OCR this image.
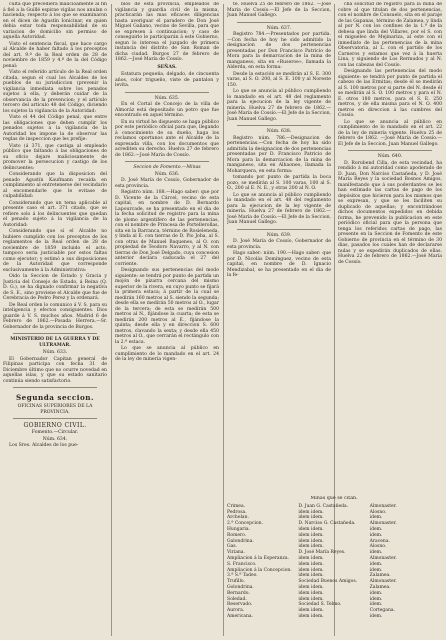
culta que precediera malicioamente al fin á fiel a la Guillé espirae vigilas nos anulan o hacienda; respecto á los que se examinaron en el dicen de Agustín Ionicinar, en quien debia estar toda responsabilidad de su variacion de domicilio sin permiso de aquella Autoridad.

Visto el sentencia fiscal, que hace cargo al Alcalde de haber faltado á los preceptos del art. 9.º de la Real orden de 28 de noviembre de 1859 y 4.º de la del Código penal:

Visto el referido artículo de la Real orden citada, segun el cual los Alcaldes de los pueblos de su jurisdiccion (prevenir la vigilancia inmediata sobre los penados sujetos á ella, y deberán cuidar de la observancia de la prevencion; y el artículo tercero del artículo 48 del Código, diciendo los sujetos la vigilancia de la Autoridad:

Visto el 44 del Código penal, que entre las obligaciones que deben cumplir los penados sujetos a la vigilancia de la Autoridad les impone la de observar las reglas de inspeccion que les prefije:

Visto (á 371, que castiga al empleado público que faltando á las obligaciones de su oficio dejare maliciosamente de promover la persecucion y castigo de los delincuentes:

Considerando que la disposicion del penado Agustín Kaufmann recaída en cumplimiento al entretenerse del vecindario al encomendarle que le evitase de culpabilidad:

Considerando que un tema aplicable al presente caso el art. 371 citado, que se refiere solo á los delincuentes que quedan el penado sujeto á la vigilancia de la Autoridad:

Considerando que si el Alcalde no hubiere cumplido con los preceptos de los reglamentos de la Real orden de 28 de noviembre de 1859 incluido el acto, tampoco seria justiciable por estos faltas como ejecutor; y estimó a sus disposiciones de la Autoridad que corresponde exclusivamente á la Administrativa:

Oido la Seccion de Estado y Gracia y Justicia del Consejo de Estado, á Reina (Q. D. G.), se ha dignado confirmar la negativa de S. E., sino proviene el Alcalde que fue de Cerebracia de Pedro Perez y la ordenará.

De Real orden lo comunico á V. S. para su inteligencia y efectos consiguientes. Dios guarde á V. S. muchos años. Madrid 6 de Febrero de 1862.—Posada Herrera.—Sr. Gobernador de la provincia de Burgos.

MINISTERIO DE LA GUERRA Y DE ULTRAMAR.

Núm. 633.

El Gobernador Capitan general de Filipinas participa con fecha 31 de Diciembre último que no ocurre novedad en aquellas islas, y que su estado sanitario continúa siendo satisfactorio.

Segunda seccion.

OFICINAS SUPERIORES DE LA PROVINCIA.

GOBIERNO CIVIL.

Fomento.—Circular.

Núm. 634.

Los Sres. Alcaldes de los pue-

blos de esta provincia, empleados de vigilancia y guardia civil de la misma, practicarán las mas eficaces diligencias hasta averiguar el paradero de Don José Miguel Galiano, vecino de Sevilla, para que se expresen á continuacion; y caso de conseguirlo le participarán á este Gobierno, segun lo interesa el juzgado de primera instancia del distrito de San Roman de dicha ciudad. Burgos 27 de febrero de 1862.—José María de Cossío.

SEÑAS.

Estatura pequeña, delgado, de cincuenta años, color trigueño, viste de pantalon y levita.

Núm. 635.

En el Cortal de Concejo de la villa de Almoráz está depositado un potro que fue encontrado en aquel término.

En su virtud he dispuesto se haga público por este periódico oficial para que, llegando á conocimiento de su dueño, haga los reclamos oportunos ante el Alcalde de la expresada villa, con los documentos que acrediten su derecho. Huelva 27 de febrero de 1862.—José María de Cossío.

Seccion de Fomento.—Minas

Núm. 636.

D. José María de Cossío, Gobernador de esta provincia.

Registro núm. 188.—Hago saber: que por D. Vicente de la Cárcel, vecino de esta capital, en nombre de D. Bernardo Lapourcade, se ha presentado en el dia de la fecha solicitud de registro para la mina de plomo argentífero de las pertenencias, con el nombre de Princesa de Portellerollas, sita en la Barranca, término de Rosieleneda, y linda al E. con tierras de D. Pio Joba, al S. con otras de Manuel Baquenes, al O. con propiedad de Teodoro Navarro, y al N. con tierras de Don José Delgado, cuya concesion anterior declara caducada el 27 del corriente.

Designando sus pertenencias del modo siguiente: se tendrá por punto de partida un mojón de pizarra cercana del mismo superior de la rivera, en cuyo punto se fijará la primera estaca; á partir de la cual se medirán 160 metros al S. siendo la segunda; desde ella se medirán 50 metros al O., lugar de la tercera; de esta se medirán 500 metros al N., fijándose la cuarta; de esta se medirán 200 metros al E., fijándose la quinta; desde ella y en direccion S. 600 metros, clavando la sexta; y desde ella 450 metros al O., que cerrarán el rectángulo con la 2.ª estaca.

Lo que se anuncia al público en cumplimiento de lo mandado en el art. 24 de la ley de minería vigen-

te. Huelva 25 de febrero de 1862. —José María de Cossío.—El Jefe de la Seccion, Juan Manuel Gallego.

Núm. 637.

Registro 784.—Presentados por partida.—Con fecha de hoy he sido admitido la designacion de dos pertenencias presentadas por Don Francisco Patricio de Mora para la demarcacion de la mina de manganeso, sita en «Ruseroe», llamada la Alderda, en esta forma:

Desde la estación se medirán al S. E. 300 varas, al S. O. 200, al S. E. 100 y al Noreste 150.

Lo que se anuncia al público cumpliendo lo mandado en el art. 48 del reglamento para la ejecucion de la ley vigente de minería. Huelva 27 de febrero de 1862.—José María de Cossío.—El Jefe de la Seccion, Juan Manuel Gallego.

Núm. 638.

Registro núm. 786.—Designacion de pertenencias.—Con fecha de hoy ha sido admitida la designacion de dos pertenencias presentadas por D. Francisco Patricio de Mora para la demarcacion de la mina de manganeso, sita en Alhaoneo, llamada la Moharquera, en esta forma:

tomando por punto de partida la boca pozo, se medirán al S. 100 varas, 100 al S. O., 200 al E. N. E., y otras 200 al N. O.

Lo que se anuncia al público cumpliendo lo mandado en el art. 48 del reglamento para la ejecucion de la ley vigente de minería. Huelva 27 de febrero de 1862.—José María de Cossío.—El Jefe de la Seccion, Juan Manuel Gallego.

Núm. 639.

D. José María de Cossío, Gobernador de esta provincia.

Hago saber: núm. 190.—Hago saber: que por D. Nicolás Domínguez, vecino de esta capital, en nombre de D. Ignacio Mendizabal, se ha presentado en el dia de la fe-

cha solicitud de registro para la mina de cobre al que titulan de dos pertenencias, con el nombre de Consuelo, sita en el paraje de las Gapanas, término de Zalamea, y linda al por N. con los confines de la 1.ª de la dehesa que linda del Villares, por el S. con el migueleo de Mejinariza, al este con el inmediato de las pertenencias de la mina Observatoria, al L. con el partido de los Carneros y estamos que vez á la huerta Lina, y siguiendo de Los Rermudos y al N. con las cabezas del Cossío.

Designando las pertenencias del modo siguiente: se tendrá por punto de partida el cabezo de las Ermitas; desde él se medirán al S. 100 metros por si parte del N. desde él se medirán al S. O. 100 metros y para el N. E. otros 180 metros, para el S. E. 250 metros, y de ella misma para el N. O. 400 metros en direccion á las cumbres del Cossío.

Lo que se anuncia al público en cumplimiento de lo mandado en el art. 22 de la ley de minería vigente. Huelva 25 de febrero de 1862. —José María de Cossío.—El Jefe de la Seccion, Juan Manuel Gallego.

Núm. 640.

D. Rorubend Cilla, de esta vecindad, ha rendido á mí autoridad como apoderado de D. Juan, Don Narciso Castañeda, y D. José María Reyes y la sociedad Bosnos Amigos, manifestando que á sus poderdantes se les han estimado las cartas de pago de los depósitos que hicieron para los mismos que se expresan, y que se les faciliten su duplicado de aquellas; y encontrándose dichos documentos expedidos en debida forma, he prevenido la publicacion en este periódico oficial para que la persona que tenga los referidos cartas de pago, las presente en la Seccion de Fomento de este Gobierno de provincia en el término de 30 dias, pasados los cuales han de declararse nulas y se expedirán duplicados de ellas. Huelva 22 de febrero de 1862.—José María de Cossío.

Minas que se citan.
Crimea.
Pedrosa.
Archelan.
2.ª Concepcion.
Hungaria.
Romero.
Galondrina.
Gas.
Viriana.
Ampliacion á la Esperanza.
S. Francisco.
Ampliacion á la Concepcion.
3.ª S.ª Tadeo.
Trufillo.
Golondrina.
Bernardo.
Soledad.
Reservado.
Aurora.
Americana.
D. Juan G. Castañeda.
idem idem.
idem idem.
D. Narciso G. Castañeda.
idem idem.
idem idem.
idem idem.
idem idem.
D. José María Reyes.
idem idem.
idem idem.
idem idem.
idem idem.
Sociedad Buenos Amigos.
idem idem.
idem idem.
idem idem.
Sociedad S. Telmo.
idem idem.
idem idem.
Almonaster.
Alosno.
idem.
Almonaster.
idem.
idem.
Aracena.
Alosno.
idem.
Almonaster.
idem.
idem.
Zalamea.
Almonaster.
Zalamea.
idem.
idem.
idem.
Cortegana.
idem.
